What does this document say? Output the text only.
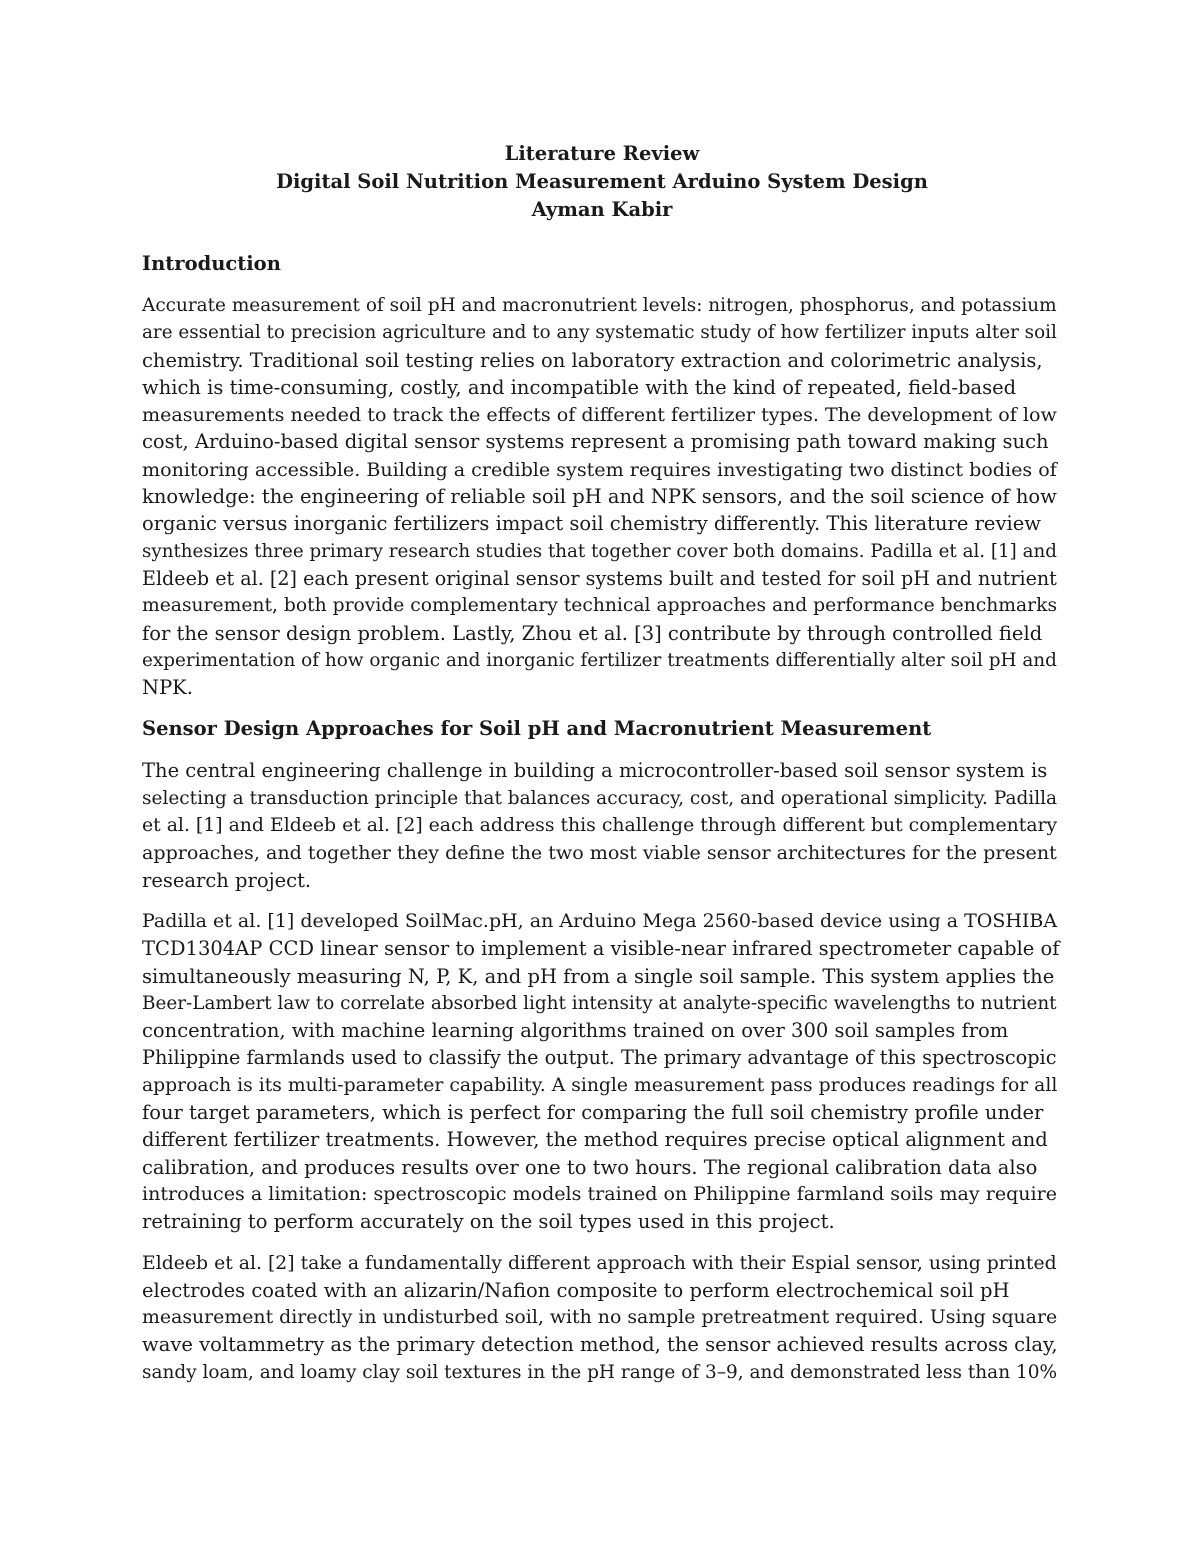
Literature Review
Digital Soil Nutrition Measurement Arduino System Design
Ayman Kabir
Introduction
Accurate measurement of soil pH and macronutrient levels: nitrogen, phosphorus, and potassium
are essential to precision agriculture and to any systematic study of how fertilizer inputs alter soil
chemistry. Traditional soil testing relies on laboratory extraction and colorimetric analysis,
which is time-consuming, costly, and incompatible with the kind of repeated, field-based
measurements needed to track the effects of different fertilizer types. The development of low
cost, Arduino-based digital sensor systems represent a promising path toward making such
monitoring accessible. Building a credible system requires investigating two distinct bodies of
knowledge: the engineering of reliable soil pH and NPK sensors, and the soil science of how
organic versus inorganic fertilizers impact soil chemistry differently. This literature review
synthesizes three primary research studies that together cover both domains. Padilla et al. [1] and
Eldeeb et al. [2] each present original sensor systems built and tested for soil pH and nutrient
measurement, both provide complementary technical approaches and performance benchmarks
for the sensor design problem. Lastly, Zhou et al. [3] contribute by through controlled field
experimentation of how organic and inorganic fertilizer treatments differentially alter soil pH and
NPK.
Sensor Design Approaches for Soil pH and Macronutrient Measurement
The central engineering challenge in building a microcontroller-based soil sensor system is
selecting a transduction principle that balances accuracy, cost, and operational simplicity. Padilla
et al. [1] and Eldeeb et al. [2] each address this challenge through different but complementary
approaches, and together they define the two most viable sensor architectures for the present
research project.
Padilla et al. [1] developed SoilMac.pH, an Arduino Mega 2560-based device using a TOSHIBA
TCD1304AP CCD linear sensor to implement a visible-near infrared spectrometer capable of
simultaneously measuring N, P, K, and pH from a single soil sample. This system applies the
Beer-Lambert law to correlate absorbed light intensity at analyte-specific wavelengths to nutrient
concentration, with machine learning algorithms trained on over 300 soil samples from
Philippine farmlands used to classify the output. The primary advantage of this spectroscopic
approach is its multi-parameter capability. A single measurement pass produces readings for all
four target parameters, which is perfect for comparing the full soil chemistry profile under
different fertilizer treatments. However, the method requires precise optical alignment and
calibration, and produces results over one to two hours. The regional calibration data also
introduces a limitation: spectroscopic models trained on Philippine farmland soils may require
retraining to perform accurately on the soil types used in this project.
Eldeeb et al. [2] take a fundamentally different approach with their Espial sensor, using printed
electrodes coated with an alizarin/Nafion composite to perform electrochemical soil pH
measurement directly in undisturbed soil, with no sample pretreatment required. Using square
wave voltammetry as the primary detection method, the sensor achieved results across clay,
sandy loam, and loamy clay soil textures in the pH range of 3–9, and demonstrated less than 10%
